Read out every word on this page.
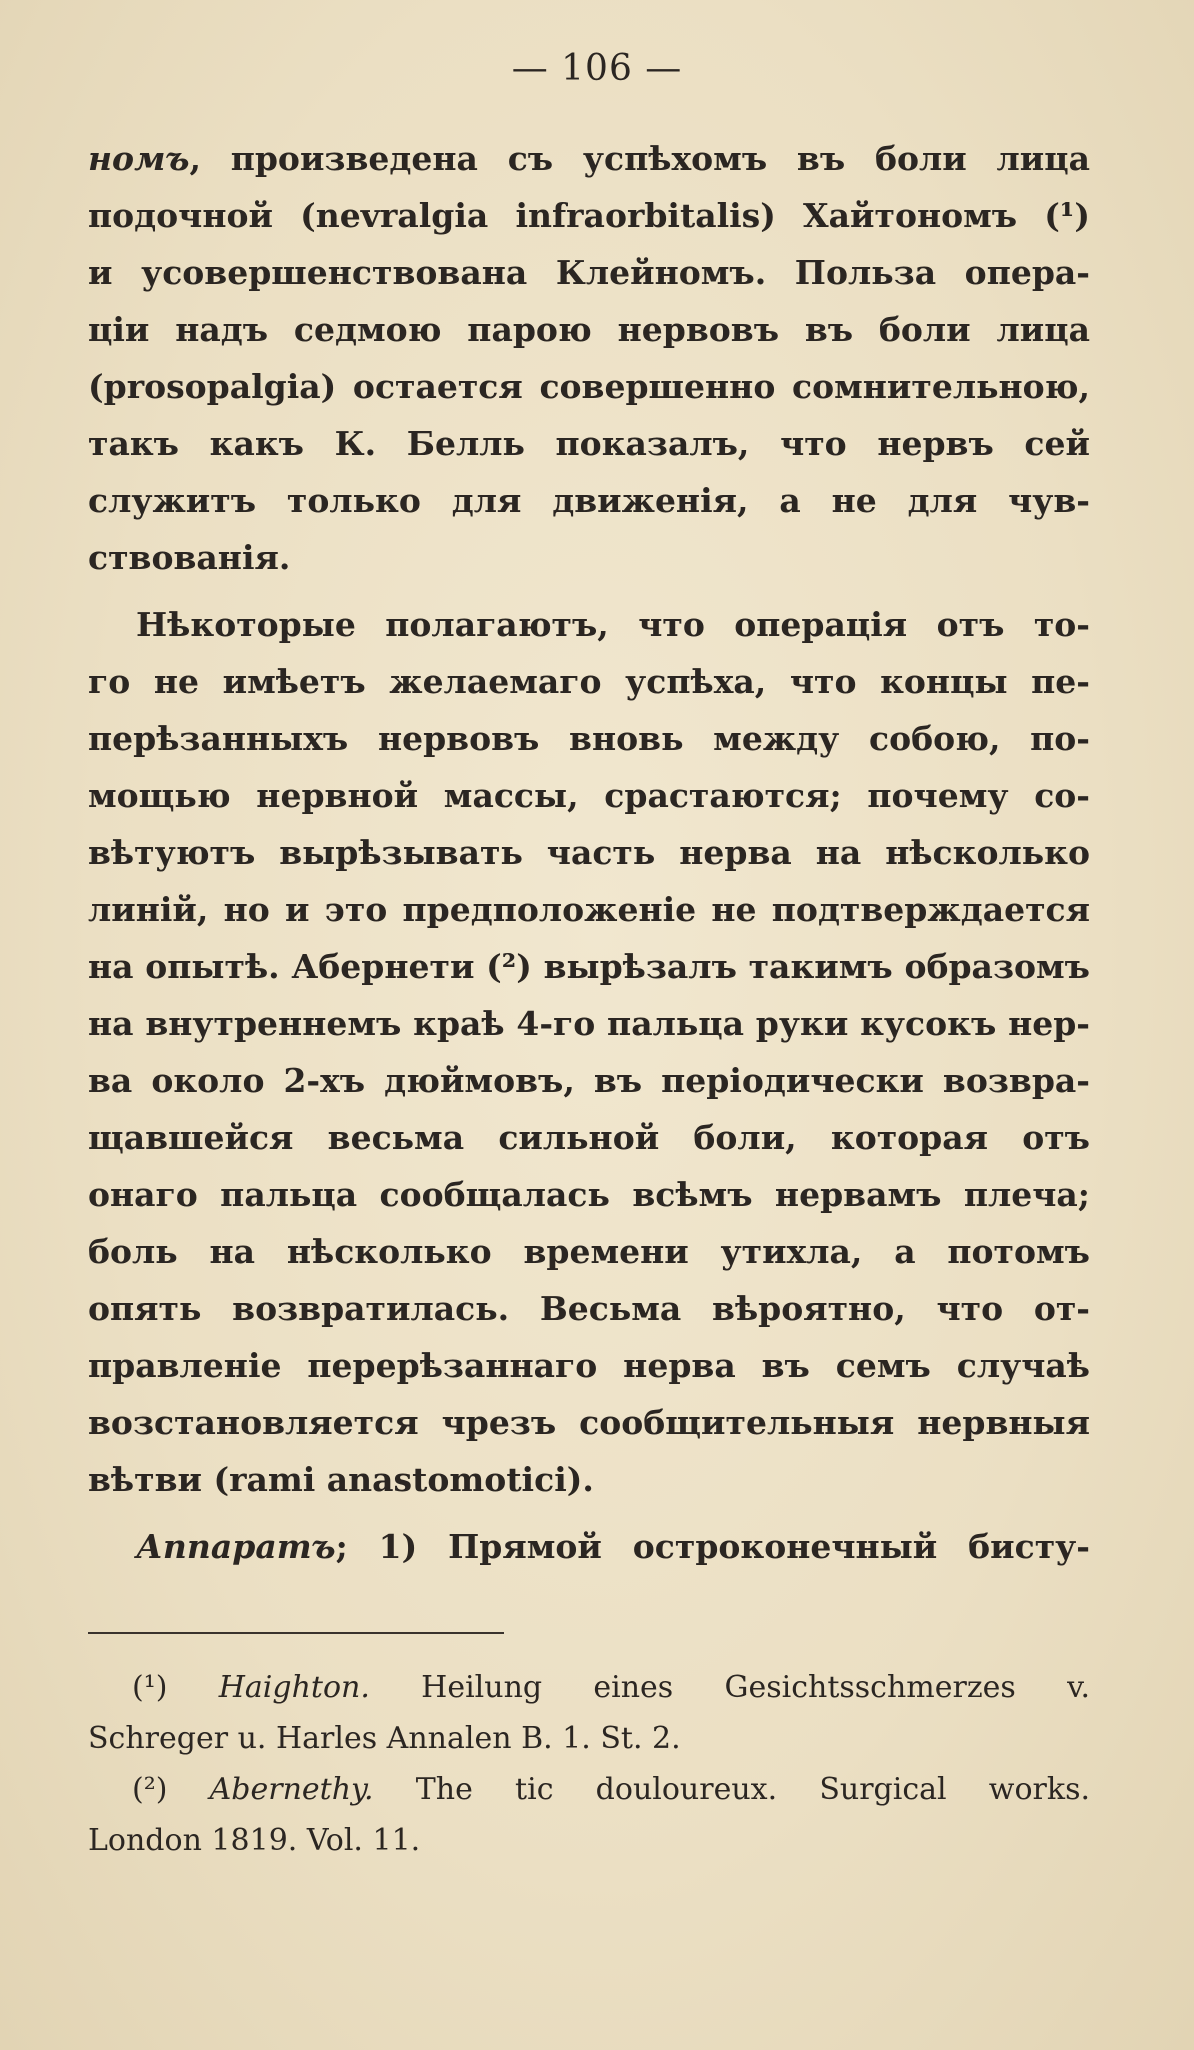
— 106 —
номъ, произведена съ успѣхомъ въ боли лица
подочной (nevralgia infraorbitalis) Хайтономъ (¹)
и усовершенствована Клейномъ. Польза опера-
ціи надъ седмою парою нервовъ въ боли лица
(prosopalgia) остается совершенно сомнительною,
такъ какъ К. Белль показалъ, что нервъ сей
служитъ только для движенія, а не для чув-
ствованія.
Нѣкоторые полагаютъ, что операція отъ то-
го не имѣетъ желаемаго успѣха, что концы пе-
перѣзанныхъ нервовъ вновь между собою, по-
мощью нервной массы, срастаются; почему со-
вѣтуютъ вырѣзывать часть нерва на нѣсколько
линій, но и это предположеніе не подтверждается
на опытѣ. Абернети (²) вырѣзалъ такимъ образомъ
на внутреннемъ краѣ 4-го пальца руки кусокъ нер-
ва около 2-хъ дюймовъ, въ періодически возвра-
щавшейся весьма сильной боли, которая отъ
онаго пальца сообщалась всѣмъ нервамъ плеча;
боль на нѣсколько времени утихла, а потомъ
опять возвратилась. Весьма вѣроятно, что от-
правленіе перерѣзаннаго нерва въ семъ случаѣ
возстановляется чрезъ сообщительныя нервныя
вѣтви (rami anastomotici).
Аппаратъ; 1) Прямой остроконечный бисту-
(¹) Haighton. Heilung eines Gesichtsschmerzes v.
Schreger u. Harles Annalen B. 1. St. 2.
(²) Abernethy. The tic douloureux. Surgical works.
London 1819. Vol. 11.
